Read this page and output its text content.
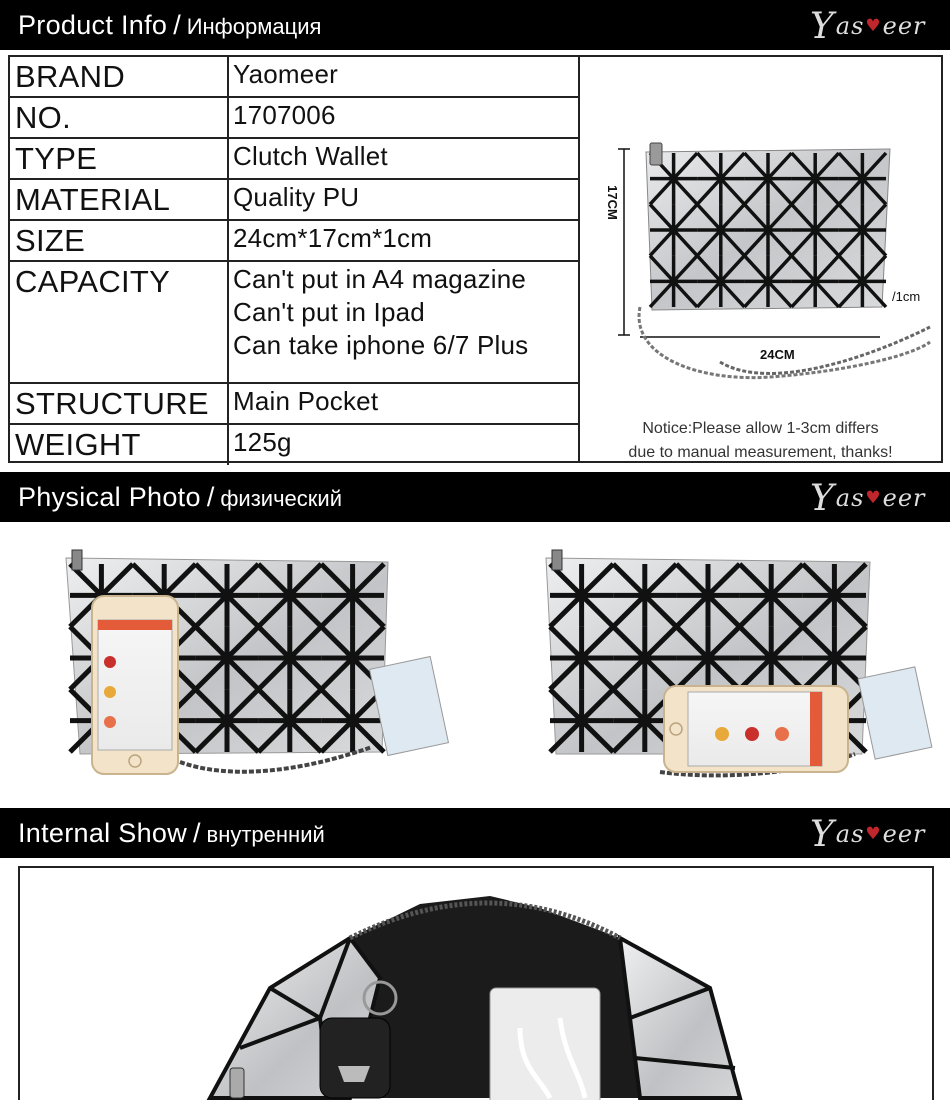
Product Info / Информация	Y as ♥ eer
BRAND	Yaomeer
NO.	1707006
TYPE	Clutch Wallet
MATERIAL	Quality PU
SIZE	24cm*17cm*1cm
CAPACITY	Can't put in A4 magazine
Can't put in Ipad
Can take iphone 6/7 Plus
STRUCTURE Main Pocket
WEIGHT	125g
17CM
24CM
/1cm
Notice:Please allow 1-3cm differs
due to manual measurement, thanks!
Physical Photo / физический	Y as ♥ eer
Internal Show / внутренний	Y as ♥ eer
